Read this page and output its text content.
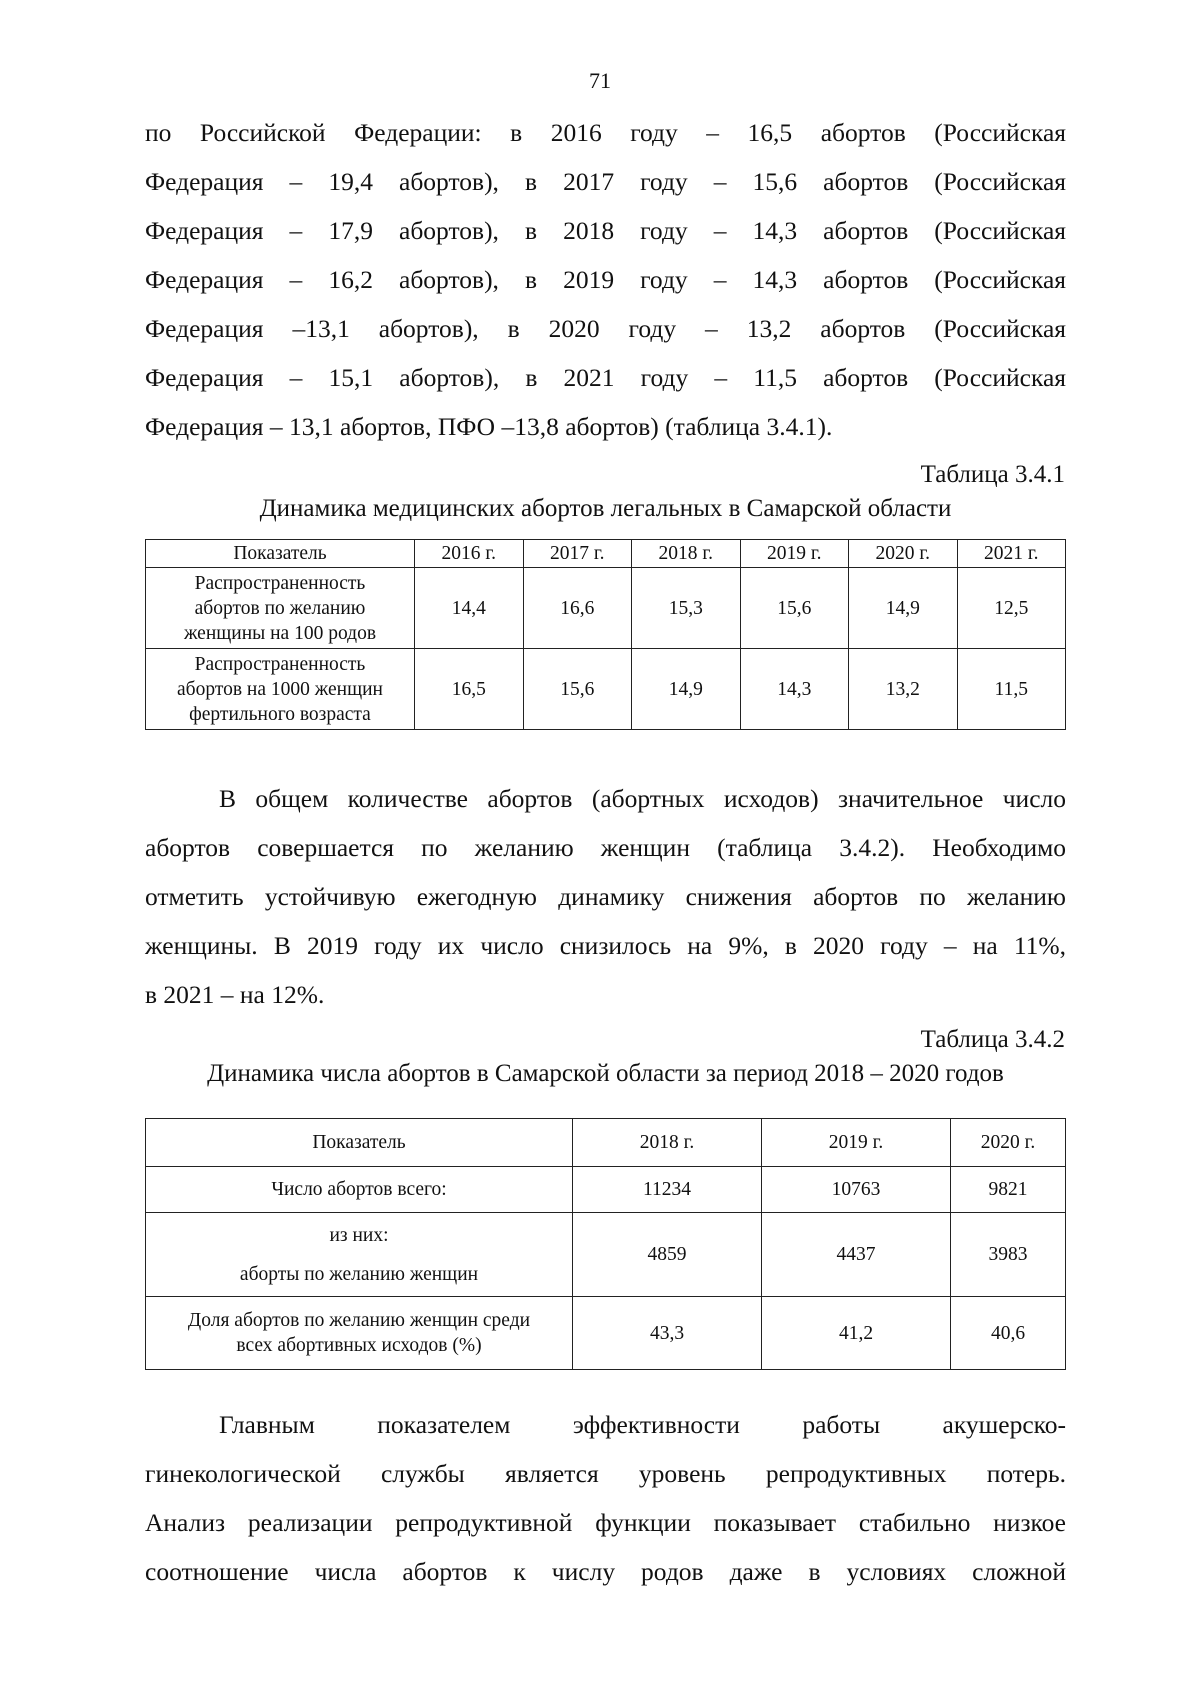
71
по Российской Федерации: в 2016 году – 16,5 абортов (Российская
Федерация – 19,4 абортов), в 2017 году – 15,6 абортов (Российская
Федерация – 17,9 абортов), в 2018 году – 14,3 абортов (Российская
Федерация – 16,2 абортов), в 2019 году – 14,3 абортов (Российская
Федерация –13,1 абортов), в 2020 году – 13,2 абортов (Российская
Федерация – 15,1 абортов), в 2021 году – 11,5 абортов (Российская
Федерация – 13,1 абортов, ПФО –13,8 абортов) (таблица 3.4.1).
Таблица 3.4.1
Динамика медицинских абортов легальных в Самарской области
Показатель	2016 г.	2017 г.	2018 г.	2019 г.	2020 г.	2021 г.

Распространенность
абортов по желанию
женщины на 100 родов	14,4	16,6	15,3	15,6	14,9	12,5

Распространенность
абортов на 1000 женщин
фертильного возраста	16,5	15,6	14,9	14,3	13,2	11,5
В общем количестве абортов (абортных исходов) значительное число
абортов совершается по желанию женщин (таблица 3.4.2). Необходимо
отметить устойчивую ежегодную динамику снижения абортов по желанию
женщины. В 2019 году их число снизилось на 9%, в 2020 году – на 11%,
в 2021 – на 12%.
Таблица 3.4.2
Динамика числа абортов в Самарской области за период 2018 – 2020 годов
Показатель	2018 г.	2019 г.	2020 г.

Число абортов всего:	11234	10763	9821

из них:
аборты по желанию женщин	4859	4437	3983

Доля абортов по желанию женщин среди
всех абортивных исходов (%)	43,3	41,2	40,6
Главным показателем эффективности работы акушерско-
гинекологической службы является уровень репродуктивных потерь.
Анализ реализации репродуктивной функции показывает стабильно низкое
соотношение числа абортов к числу родов даже в условиях сложной
